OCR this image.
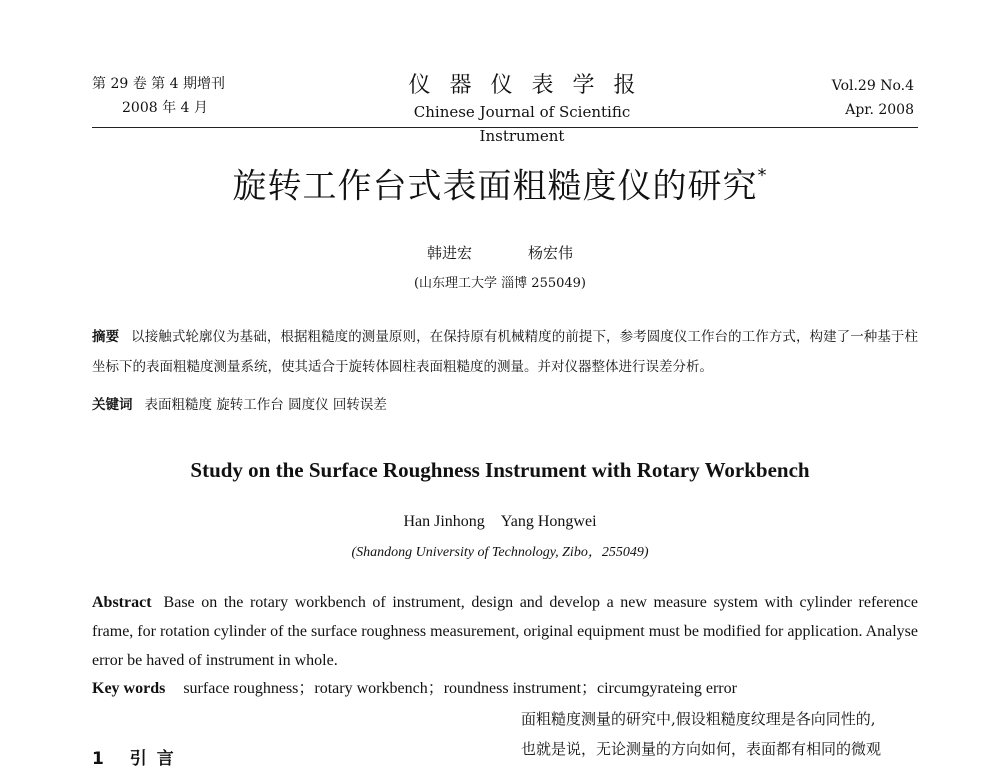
第 29 卷 第 4 期增刊
2008 年 4 月
仪器仪表学报
Chinese Journal of Scientific Instrument
Vol.29 No.4
Apr. 2008
旋转工作台式表面粗糙度仪的研究*
韩进宏	杨宏伟
(山东理工大学 淄博 255049)
摘要 以接触式轮廓仪为基础，根据粗糙度的测量原则，在保持原有机械精度的前提下，参考圆度仪工作台的工作方式，构建了一种基于柱坐标下的表面粗糙度测量系统，使其适合于旋转体圆柱表面粗糙度的测量。并对仪器整体进行误差分析。
关键词 表面粗糙度 旋转工作台 圆度仪 回转误差
Study on the Surface Roughness Instrument with Rotary Workbench
Han Jinhong Yang Hongwei
(Shandong University of Technology, Zibo，255049)
Abstract Base on the rotary workbench of instrument, design and develop a new measure system with cylinder reference frame, for rotation cylinder of the surface roughness measurement, original equipment must be modified for application. Analyse error be haved of instrument in whole.
Key words surface roughness；rotary workbench；roundness instrument；circumgyrateing error
面粗糙度测量的研究中,假设粗糙度纹理是各向同性的,
也就是说，无论测量的方向如何，表面都有相同的微观
1 引言
